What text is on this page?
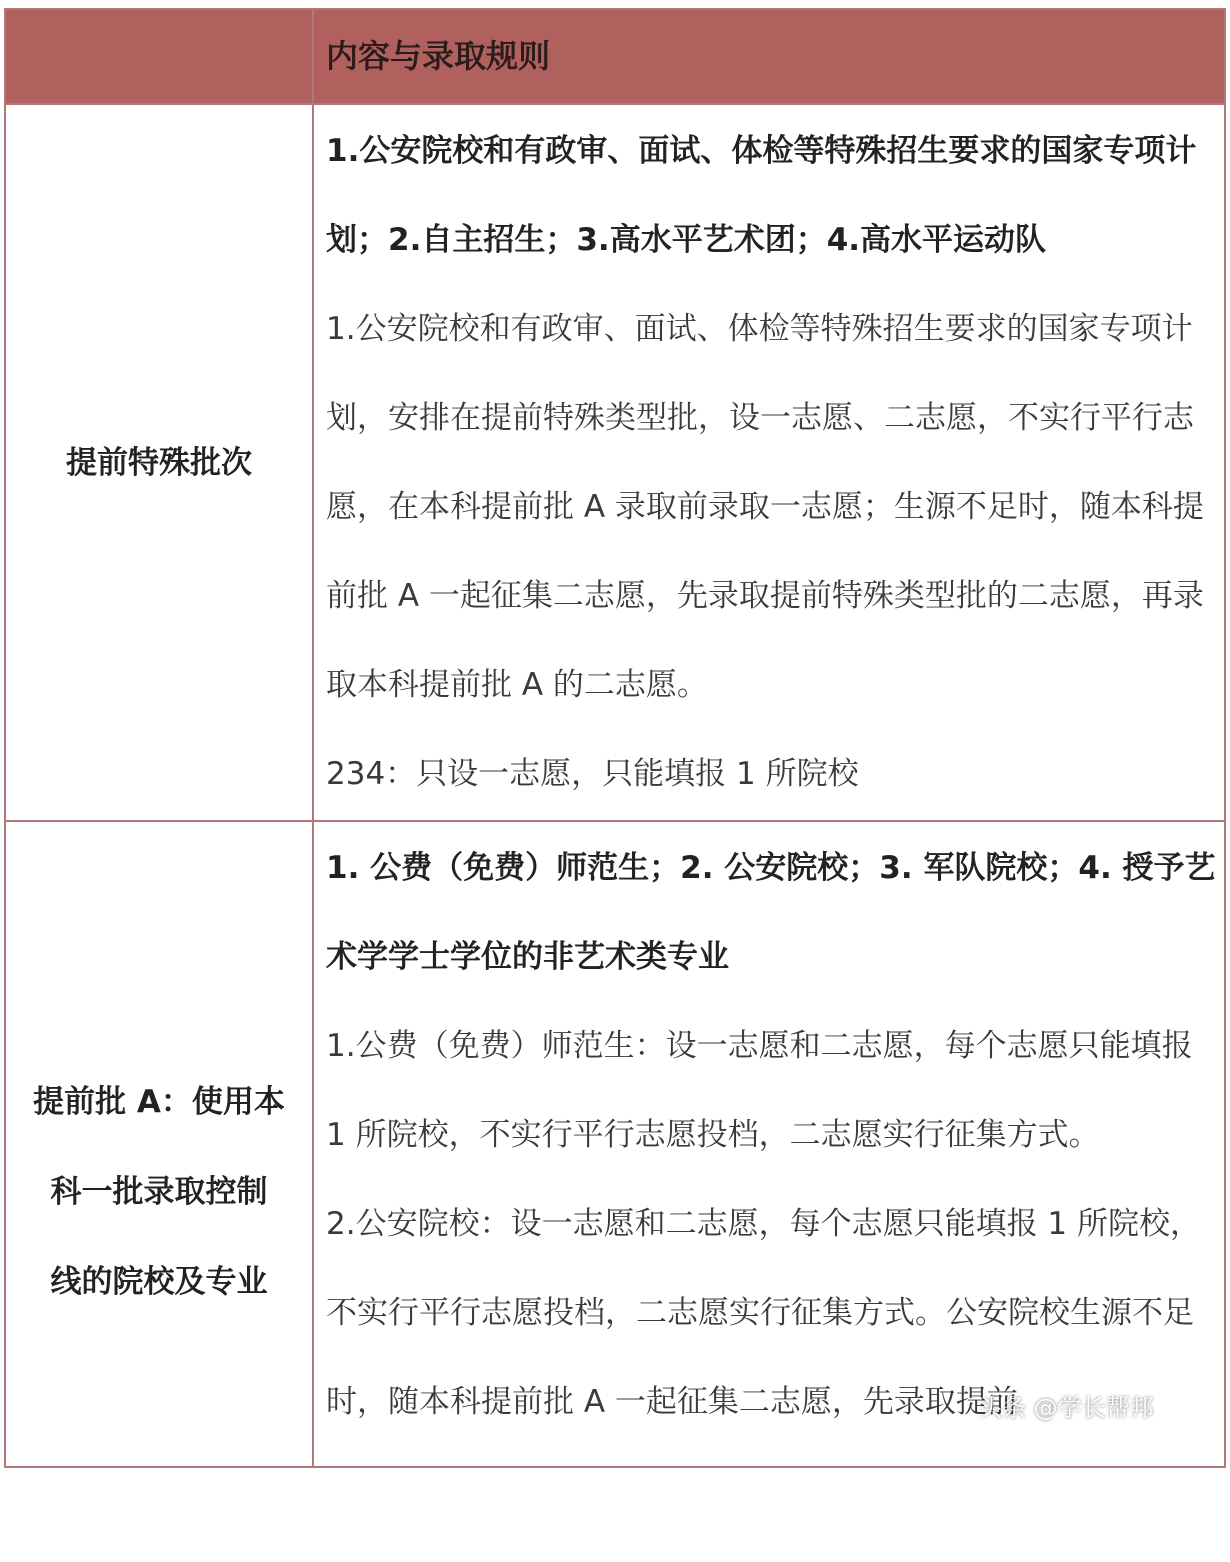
内容与录取规则
提前特殊批次

1.公安院校和有政审、面试、体检等特殊招生要求的国家专项计划；2.自主招生；3.高水平艺术团；4.高水平运动队

1.公安院校和有政审、面试、体检等特殊招生要求的国家专项计划，安排在提前特殊类型批，设一志愿、二志愿，不实行平行志愿，在本科提前批 A 录取前录取一志愿；生源不足时，随本科提前批 A 一起征集二志愿，先录取提前特殊类型批的二志愿，再录取本科提前批 A 的二志愿。

234：只设一志愿，只能填报 1 所院校

提前批 A：使用本
科一批录取控制
线的院校及专业

1. 公费（免费）师范生；2. 公安院校；3. 军队院校；4. 授予艺术学学士学位的非艺术类专业

1.公费（免费）师范生：设一志愿和二志愿，每个志愿只能填报 1 所院校，不实行平行志愿投档，二志愿实行征集方式。

2.公安院校：设一志愿和二志愿，每个志愿只能填报 1 所院校，不实行平行志愿投档，二志愿实行征集方式。公安院校生源不足时，随本科提前批 A 一起征集二志愿，先录取提前

头条 @学长帮邦
